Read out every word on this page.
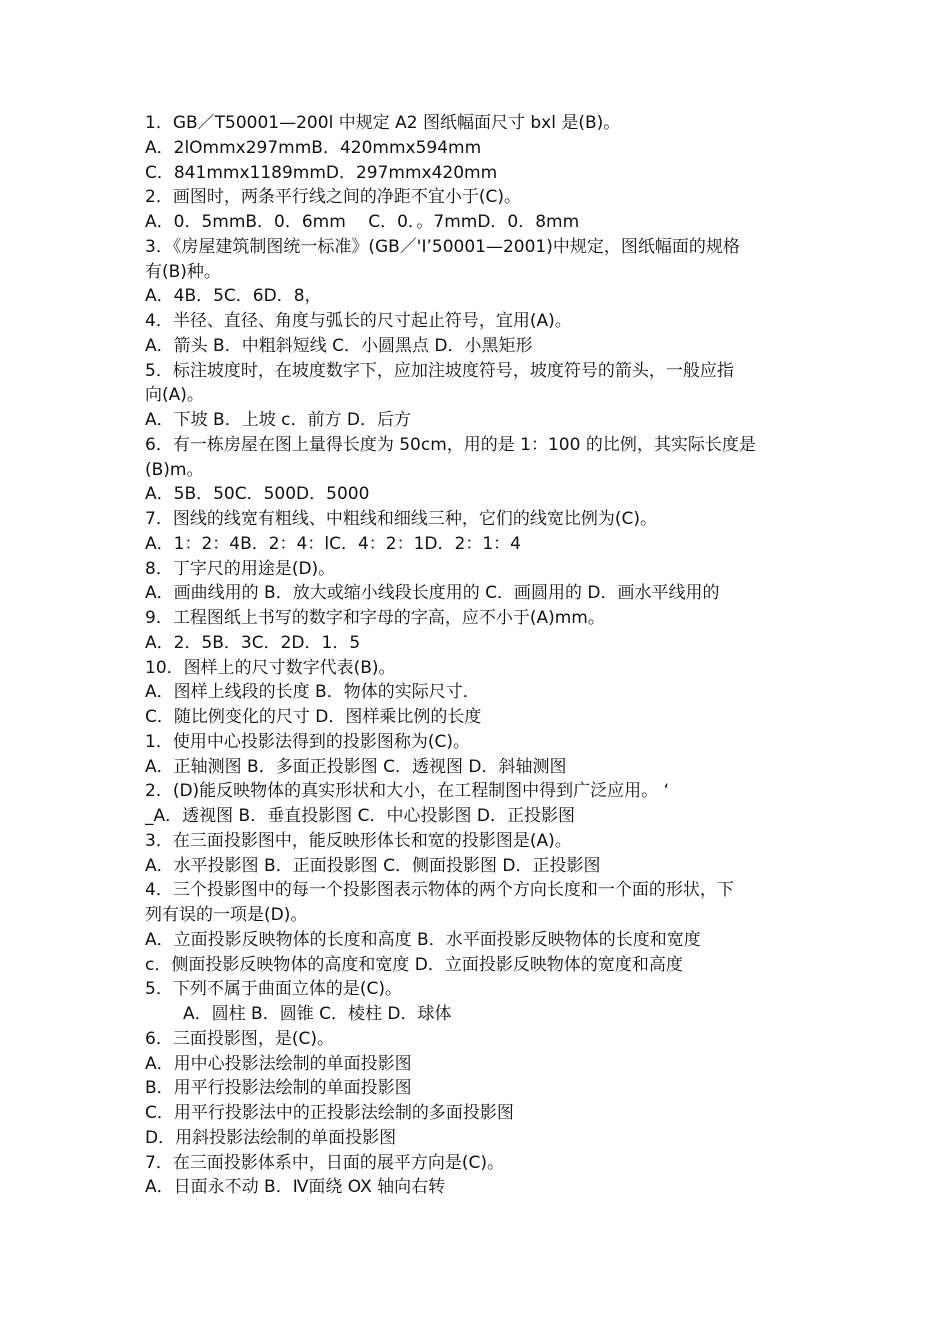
1．GB／T50001—200l 中规定 A2 图纸幅面尺寸 bxl 是(B)。
A．2lOmmx297mmB．420mmx594mm
C．841mmx1189mmD．297mmx420mm
2．画图时，两条平行线之间的净距不宜小于(C)。
A．0．5mmB．0．6mm　 C．0．。7mmD．0．8mm
3．《房屋建筑制图统一标准》(GB／'I’50001—2001)中规定，图纸幅面的规格
有(B)种。
A．4B．5C．6D．8，
4．半径、直径、角度与弧长的尺寸起止符号，宜用(A)。
A．箭头 B．中粗斜短线 C．小圆黑点 D．小黑矩形
5．标注坡度时，在坡度数字下，应加注坡度符号，坡度符号的箭头，一般应指
向(A)。
A．下坡 B．上坡 c．前方 D．后方
6．有一栋房屋在图上量得长度为 50cm，用的是 1：100 的比例，其实际长度是
(B)m。
A．5B．50C．500D．5000
7．图线的线宽有粗线、中粗线和细线三种，它们的线宽比例为(C)。
A．1：2：4B．2：4：lC．4：2：1D．2：1：4
8．丁字尺的用途是(D)。
A．画曲线用的 B．放大或缩小线段长度用的 C．画圆用的 D．画水平线用的
9．工程图纸上书写的数字和字母的字高，应不小于(A)mm。
A．2．5B．3C．2D．1．5
10．图样上的尺寸数字代表(B)。
A．图样上线段的长度 B．物体的实际尺寸．
C．随比例变化的尺寸 D．图样乘比例的长度
1．使用中心投影法得到的投影图称为(C)。
A．正轴测图 B．多面正投影图 C．透视图 D．斜轴测图
2．(D)能反映物体的真实形状和大小，在工程制图中得到广泛应用。 ‘
_A．透视图 B．垂直投影图 C．中心投影图 D．正投影图
3．在三面投影图中，能反映形体长和宽的投影图是(A)。
A．水平投影图 B．正面投影图 C．侧面投影图 D．正投影图
4．三个投影图中的每一个投影图表示物体的两个方向长度和一个面的形状，下
列有误的一项是(D)。
A．立面投影反映物体的长度和高度 B．水平面投影反映物体的长度和宽度
c．侧面投影反映物体的高度和宽度 D．立面投影反映物体的宽度和高度
5．下列不属于曲面立体的是(C)。
A．圆柱 B．圆锥 C．棱柱 D．球体
6．三面投影图，是(C)。
A．用中心投影法绘制的单面投影图
B．用平行投影法绘制的单面投影图
C．用平行投影法中的正投影法绘制的多面投影图
D．用斜投影法绘制的单面投影图
7．在三面投影体系中，日面的展平方向是(C)。
A．日面永不动 B．Ⅳ面绕 OX 轴向右转
